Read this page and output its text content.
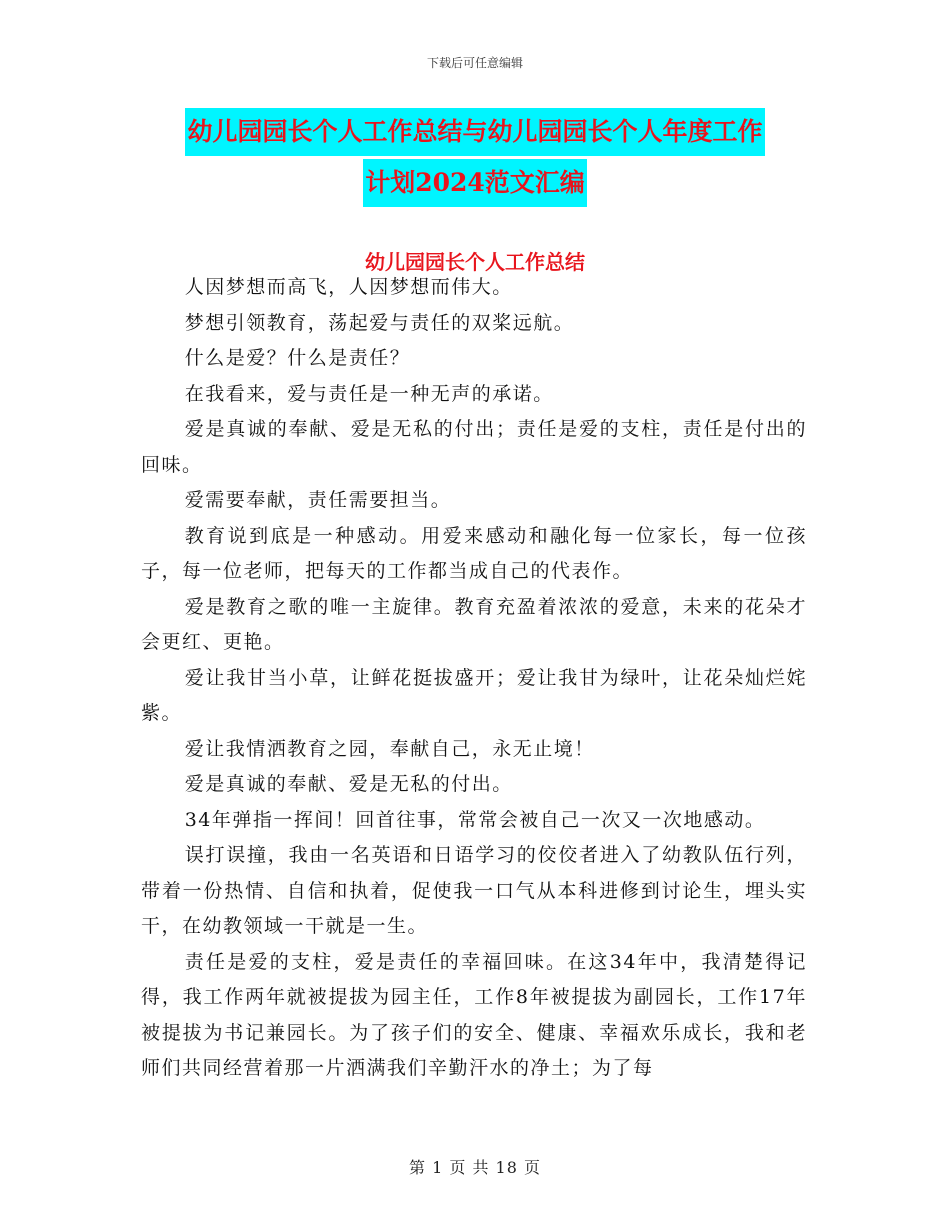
下载后可任意编辑
幼儿园园长个人工作总结与幼儿园园长个人年度工作
计划2024范文汇编
幼儿园园长个人工作总结

人因梦想而高飞，人因梦想而伟大。

梦想引领教育，荡起爱与责任的双桨远航。

什么是爱？什么是责任？

在我看来，爱与责任是一种无声的承诺。

爱是真诚的奉献、爱是无私的付出；责任是爱的支柱，责任是付出的回味。

爱需要奉献，责任需要担当。

教育说到底是一种感动。用爱来感动和融化每一位家长，每一位孩子，每一位老师，把每天的工作都当成自己的代表作。

爱是教育之歌的唯一主旋律。教育充盈着浓浓的爱意，未来的花朵才会更红、更艳。

爱让我甘当小草，让鲜花挺拔盛开；爱让我甘为绿叶，让花朵灿烂姹紫。

爱让我情洒教育之园，奉献自己，永无止境！

爱是真诚的奉献、爱是无私的付出。

34年弹指一挥间！回首往事，常常会被自己一次又一次地感动。

误打误撞，我由一名英语和日语学习的佼佼者进入了幼教队伍行列，带着一份热情、自信和执着，促使我一口气从本科进修到讨论生，埋头实干，在幼教领域一干就是一生。

责任是爱的支柱，爱是责任的幸福回味。在这34年中，我清楚得记得，我工作两年就被提拔为园主任，工作8年被提拔为副园长，工作17年被提拔为书记兼园长。为了孩子们的安全、健康、幸福欢乐成长，我和老师们共同经营着那一片洒满我们辛勤汗水的净土；为了每

第 1 页 共 18 页
